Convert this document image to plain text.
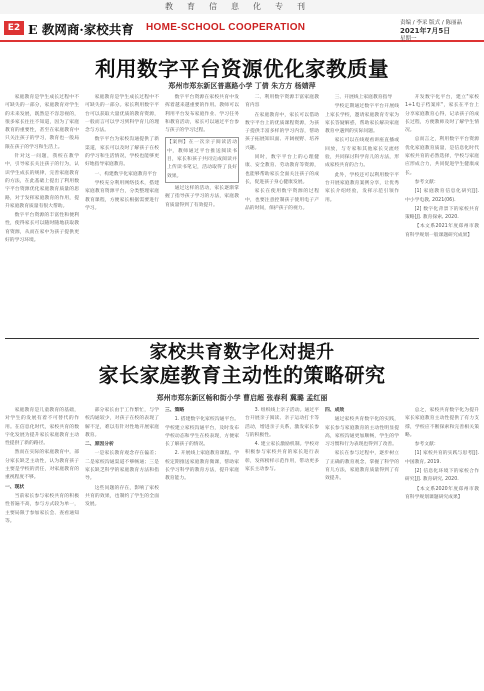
教育信息化专刊
E2 E 教网商·家校共育 HOME-SCHOOL COOPERATION	责编 / 李采 版式 / 陈丽晶
2021年7月5日
星期一
利用数字平台资源优化家教质量
郑州市郑东新区普惠路小学 丁倩 朱方方 杨婧萍

家庭教育是学生成长过程中不可缺失的一部分，家庭教育对学生的未来发展，既然是不容忽视的，很多家长往往不知道，因为了家庭教育的重要性，甚至在家庭教育中只关注孩子的学习，教育也一般局限在孩子的学习和生活上。

针对这一问题，我校在教学中，引导家长关注孩子的行为，认识学生成长的规律，完善家庭教育的方法，在此基础上提出了利用数字平台资源优化家庭教育质量的思路，对于发挥家庭教育的作用，提升家庭教育质量有很大帮助。

数字平台资源的丰富性和便利性，使得家长可以随时随地获取教育资源，从而在家中为孩子提供更好的学习环境。

家庭教育是学生成长过程中不可缺失的一部分。家长利用数字平台可以获取大量优质的教育资源，一般而言可以学习到科学育儿的理念与方法。

数字平台为家校沟通提供了新渠道，家长可以及时了解孩子在校的学习和生活情况，学校也能够更好地指导家庭教育。

一、构建数字化家庭教育平台

学校充分利用网络技术，搭建家庭教育资源平台，分类整理家庭教育课程，方便家长根据需要进行学习。

数字平台资源在家校共育中发挥着越来越重要的作用。教师可以利用平台发布家庭作业、学习任务和教育活动，家长可以通过平台参与孩子的学习过程。

【案例】在一次亲子阅读活动中，教师通过平台推送阅读书目，家长和孩子共同完成阅读并上传读书笔记，活动取得了良好效果。

通过这样的活动，家长逐渐掌握了指导孩子学习的方法，家庭教育质量得到了有效提升。

二、利用数字资源丰富家庭教育内容

在家庭教育中，家长可以借助数字平台上的优质课程资源，为孩子提供丰富多样的学习内容，帮助孩子拓展知识面、开阔视野、培养兴趣。

同时，数字平台上的心理健康、安全教育、劳动教育等资源，也能够帮助家长全面关注孩子的成长，促进孩子身心健康发展。

家长在使用数字资源的过程中，也要注意控制孩子使用电子产品的时间，保护孩子的视力。

三、开展线上家庭教育指导

学校定期通过数字平台开展线上家长学校，邀请家庭教育专家为家长答疑解惑，帮助家长解决家庭教育中遇到的实际问题。

家长可以在线观看讲座直播或回放，与专家和其他家长交流经验，共同探讨科学育儿的方法，形成家校共育的合力。

此外，学校还可以利用数字平台开展家庭教育案例分享，让优秀家长介绍经验，发挥示范引领作用。

开发数字化平台，建立"家校1+1电子档案库"，家长在平台上分享家庭教育心得，记录孩子的成长过程，方便教师及时了解学生情况。

总而言之，利用数字平台资源优化家庭教育质量，是信息化时代家校共育的必然选择，学校与家庭应形成合力，共同促进学生健康成长。

参考文献：

[1] 家庭教育信息化研究[J]. 中小学电教, 2021(06).

[2] 数字化背景下的家校共育策略[J]. 教育探索, 2020.

【本文系2021年度郑州市教育科学规划一般课题研究成果】

家校共育数字化对提升
家长家庭教育主动性的策略研究
郑州市郑东新区畅和街小学 曹启超 张春利 冀璐 孟红丽

家庭教育是儿童教育的基础，对学生的发展有着不可替代的作用。在信息化时代，家校共育的数字化发展为提升家长家庭教育主动性提供了新的路径。

然而在实际的家庭教育中，部分家长缺乏主动性，认为教育孩子主要是学校的责任，对家庭教育的重视程度不够。

一、现状

当前家长参与家校共育的积极性普遍不高，参与方式较为单一，主要局限于参加家长会、查看通知等。

部分家长由于工作繁忙，与学校沟通较少，对孩子在校的表现了解不足，难以有针对性地开展家庭教育。

二、原因分析

一是家长教育观念存在偏差；二是家校沟通渠道不够畅通；三是家长缺乏科学的家庭教育方法和指导。

这些问题的存在，影响了家校共育的效果，也制约了学生的全面发展。

三、策略

1. 搭建数字化家校沟通平台。学校建立家校沟通平台，及时发布学校动态和学生在校表现，方便家长了解孩子的情况。

2. 开展线上家庭教育课程。学校定期推送家庭教育微课，帮助家长学习科学的教育方法，提升家庭教育能力。

3. 组织线上亲子活动。通过平台开展亲子阅读、亲子运动打卡等活动，增进亲子关系，激发家长参与的积极性。

4. 建立家长激励机制。学校对积极参与家校共育的家长进行表彰，发挥榜样示范作用，带动更多家长主动参与。

四、成效

通过家校共育数字化的实践，家长参与家庭教育的主动性明显提高，家校沟通更加顺畅，学生的学习习惯和行为表现也得到了改善。

家长在参与过程中，逐步树立了正确的教育观念，掌握了科学的育儿方法，家庭教育质量得到了有效提升。

总之，家校共育数字化为提升家长家庭教育主动性提供了有力支撑，学校应不断探索和完善相关策略。

参考文献：

[1] 家校共育的实践与思考[J]. 中国教育, 2019.

[2] 信息化环境下的家校合作研究[J]. 教育研究, 2020.

【本文系2020年度郑州市教育科学规划课题研究成果】
